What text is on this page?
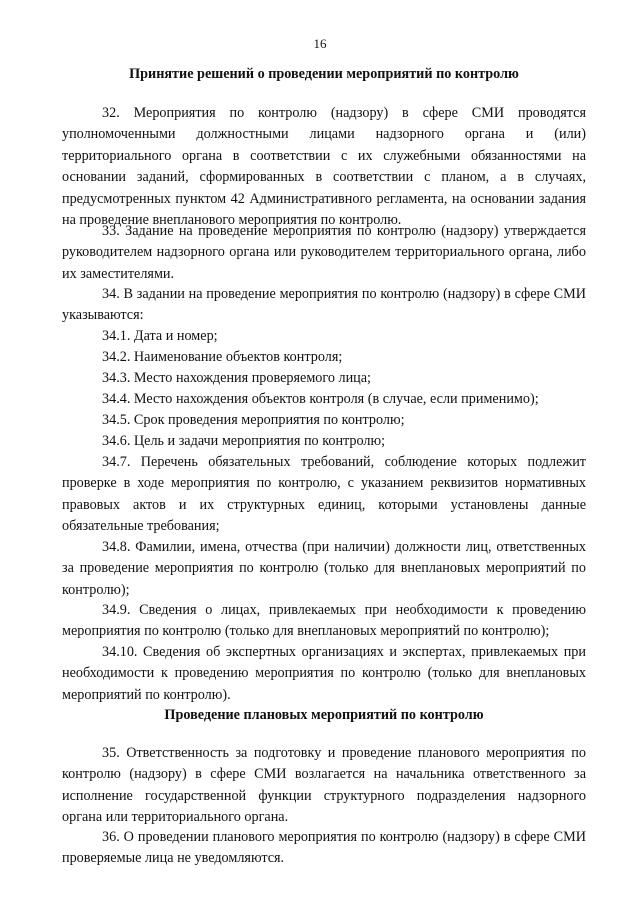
16
Принятие решений о проведении мероприятий по контролю

32. Мероприятия по контролю (надзору) в сфере СМИ проводятся уполномоченными должностными лицами надзорного органа и (или) территориального органа в соответствии с их служебными обязанностями на основании заданий, сформированных в соответствии с планом, а в случаях, предусмотренных пунктом 42 Административного регламента, на основании задания на проведение внепланового мероприятия по контролю.

33. Задание на проведение мероприятия по контролю (надзору) утверждается руководителем надзорного органа или руководителем территориального органа, либо их заместителями.

34. В задании на проведение мероприятия по контролю (надзору) в сфере СМИ указываются:

34.1. Дата и номер;

34.2. Наименование объектов контроля;

34.3. Место нахождения проверяемого лица;

34.4. Место нахождения объектов контроля (в случае, если применимо);

34.5. Срок проведения мероприятия по контролю;

34.6. Цель и задачи мероприятия по контролю;

34.7. Перечень обязательных требований, соблюдение которых подлежит проверке в ходе мероприятия по контролю, с указанием реквизитов нормативных правовых актов и их структурных единиц, которыми установлены данные обязательные требования;

34.8. Фамилии, имена, отчества (при наличии) должности лиц, ответственных за проведение мероприятия по контролю (только для внеплановых мероприятий по контролю);

34.9. Сведения о лицах, привлекаемых при необходимости к проведению мероприятия по контролю (только для внеплановых мероприятий по контролю);

34.10. Сведения об экспертных организациях и экспертах, привлекаемых при необходимости к проведению мероприятия по контролю (только для внеплановых мероприятий по контролю).

Проведение плановых мероприятий по контролю

35. Ответственность за подготовку и проведение планового мероприятия по контролю (надзору) в сфере СМИ возлагается на начальника ответственного за исполнение государственной функции структурного подразделения надзорного органа или территориального органа.

36. О проведении планового мероприятия по контролю (надзору) в сфере СМИ проверяемые лица не уведомляются.
